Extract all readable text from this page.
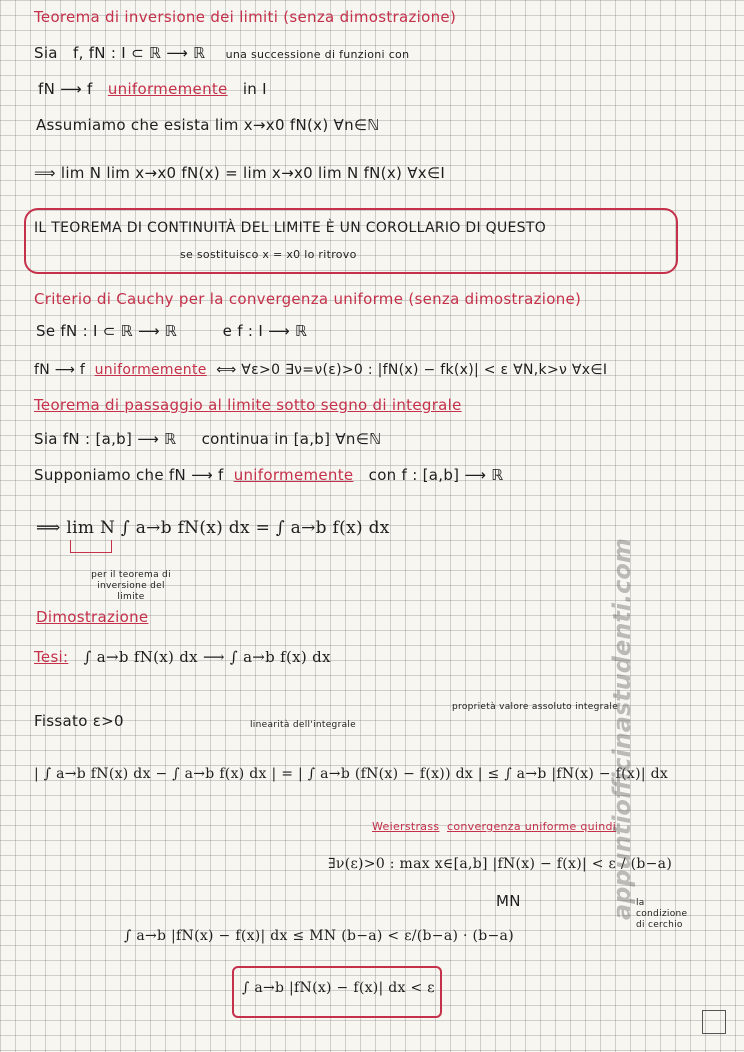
Teorema di inversione dei limiti (senza dimostrazione)
Sia f, fN : I ⊂ ℝ ⟶ ℝ una successione di funzioni con
fN ⟶ f uniformemente in I
Assumiamo che esista lim x→x0 fN(x) ∀n∈ℕ
⟹ lim N lim x→x0 fN(x) = lim x→x0 lim N fN(x) ∀x∈I
IL TEOREMA DI CONTINUITÀ DEL LIMITE È UN COROLLARIO DI QUESTO
se sostituisco x = x0 lo ritrovo
Criterio di Cauchy per la convergenza uniforme (senza dimostrazione)
Se fN : I ⊂ ℝ ⟶ ℝ	e f : I ⟶ ℝ
fN ⟶ f uniformemente ⟺ ∀ε>0 ∃ν=ν(ε)>0 : |fN(x) − fk(x)| < ε ∀N,k>ν ∀x∈I
Teorema di passaggio al limite sotto segno di integrale
Sia fN : [a,b] ⟶ ℝ continua in [a,b] ∀n∈ℕ
Supponiamo che fN ⟶ f uniformemente con f : [a,b] ⟶ ℝ
⟹ lim N ∫ a→b fN(x) dx = ∫ a→b f(x) dx
per il teorema di inversione del limite
Dimostrazione
Tesi: ∫ a→b fN(x) dx ⟶ ∫ a→b f(x) dx
Fissato ε>0
proprietà valore assoluto integrale
linearità dell'integrale
| ∫ a→b fN(x) dx − ∫ a→b f(x) dx | = | ∫ a→b (fN(x) − f(x)) dx | ≤ ∫ a→b |fN(x) − f(x)| dx
Weierstrass convergenza uniforme quindi
∃ν(ε)>0 : max x∈[a,b] |fN(x) − f(x)| < ε / (b−a)
MN	la condizione di cerchio
∫ a→b |fN(x) − f(x)| dx ≤ MN (b−a) < ε/(b−a) · (b−a)
∫ a→b |fN(x) − f(x)| dx < ε
appuntiofficinastudenti.com
